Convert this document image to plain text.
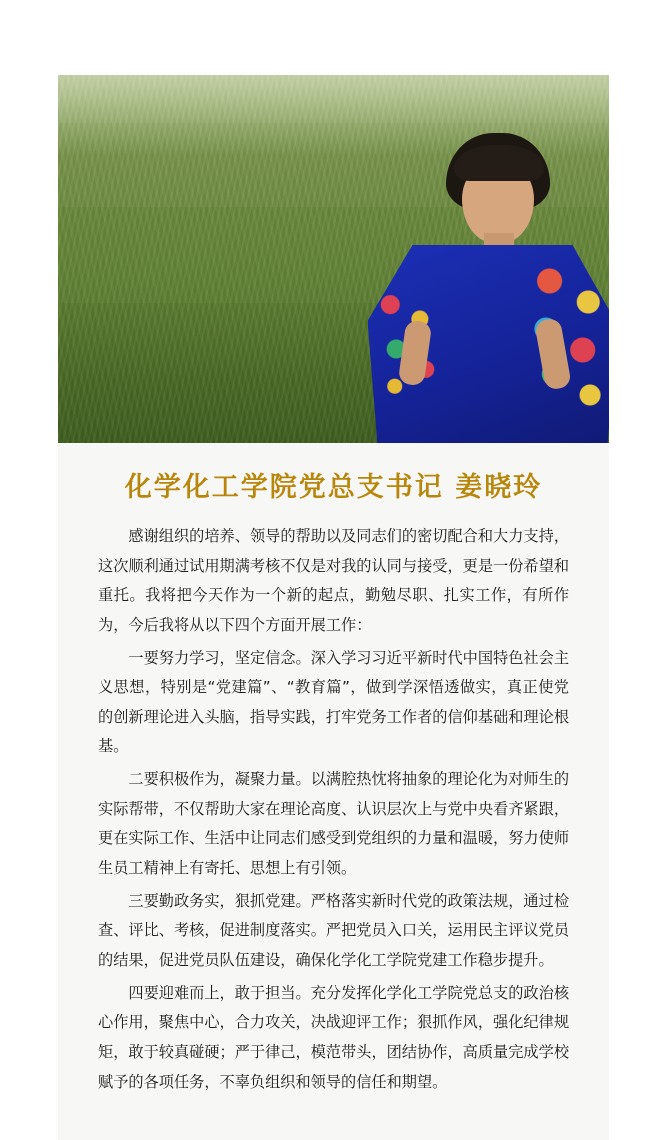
化学化工学院党总支书记 姜晓玲

感谢组织的培养、领导的帮助以及同志们的密切配合和大力支持，这次顺利通过试用期满考核不仅是对我的认同与接受，更是一份希望和重托。我将把今天作为一个新的起点，勤勉尽职、扎实工作，有所作为，今后我将从以下四个方面开展工作：

一要努力学习，坚定信念。深入学习习近平新时代中国特色社会主义思想，特别是“党建篇”、“教育篇”，做到学深悟透做实，真正使党的创新理论进入头脑，指导实践，打牢党务工作者的信仰基础和理论根基。

二要积极作为，凝聚力量。以满腔热忱将抽象的理论化为对师生的实际帮带，不仅帮助大家在理论高度、认识层次上与党中央看齐紧跟，更在实际工作、生活中让同志们感受到党组织的力量和温暖，努力使师生员工精神上有寄托、思想上有引领。

三要勤政务实，狠抓党建。严格落实新时代党的政策法规，通过检查、评比、考核，促进制度落实。严把党员入口关，运用民主评议党员的结果，促进党员队伍建设，确保化学化工学院党建工作稳步提升。

四要迎难而上，敢于担当。充分发挥化学化工学院党总支的政治核心作用，聚焦中心，合力攻关，决战迎评工作；狠抓作风，强化纪律规矩，敢于较真碰硬；严于律己，模范带头，团结协作，高质量完成学校赋予的各项任务，不辜负组织和领导的信任和期望。
